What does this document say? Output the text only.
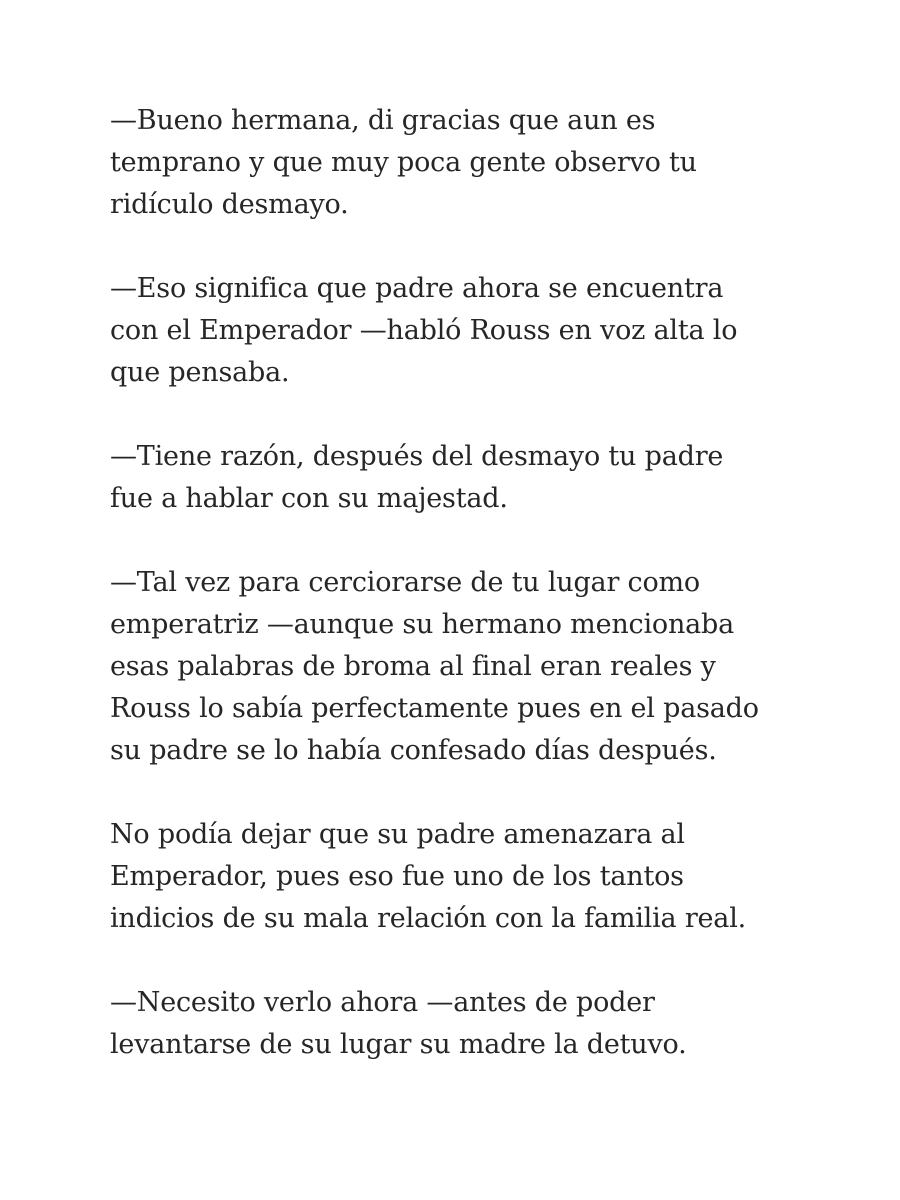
—Bueno hermana, di gracias que aun es
temprano y que muy poca gente observo tu
ridículo desmayo.
—Eso significa que padre ahora se encuentra
con el Emperador —habló Rouss en voz alta lo
que pensaba.
—Tiene razón, después del desmayo tu padre
fue a hablar con su majestad.
—Tal vez para cerciorarse de tu lugar como
emperatriz —aunque su hermano mencionaba
esas palabras de broma al final eran reales y
Rouss lo sabía perfectamente pues en el pasado
su padre se lo había confesado días después.
No podía dejar que su padre amenazara al
Emperador, pues eso fue uno de los tantos
indicios de su mala relación con la familia real.
—Necesito verlo ahora —antes de poder
levantarse de su lugar su madre la detuvo.
